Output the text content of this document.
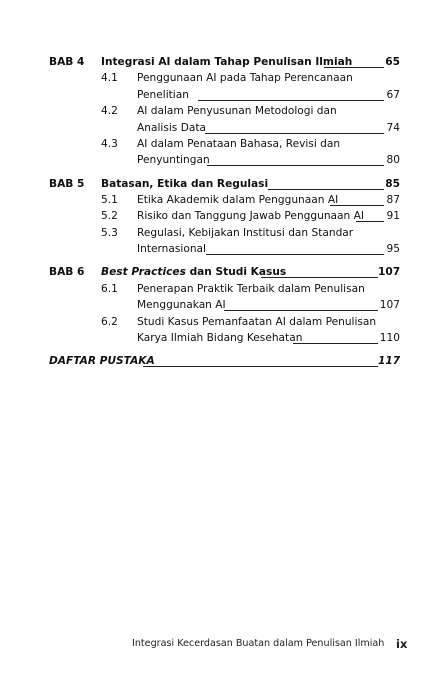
BAB 4 Integrasi AI dalam Tahap Penulisan Ilmiah	65
4.1 Penggunaan AI pada Tahap Perencanaan
Penelitian	67
4.2 AI dalam Penyusunan Metodologi dan
Analisis Data	74
4.3 AI dalam Penataan Bahasa, Revisi dan
Penyuntingan	80
BAB 5 Batasan, Etika dan Regulasi	85
5.1 Etika Akademik dalam Penggunaan AI	87
5.2 Risiko dan Tanggung Jawab Penggunaan AI 91
5.3 Regulasi, Kebijakan Institusi dan Standar
Internasional	95
BAB 6 Best Practices dan Studi Kasus	107
6.1 Penerapan Praktik Terbaik dalam Penulisan
Menggunakan AI	107
6.2 Studi Kasus Pemanfaatan AI dalam Penulisan
Karya Ilmiah Bidang Kesehatan	110
DAFTAR PUSTAKA	117
Integrasi Kecerdasan Buatan dalam Penulisan Ilmiah ix
